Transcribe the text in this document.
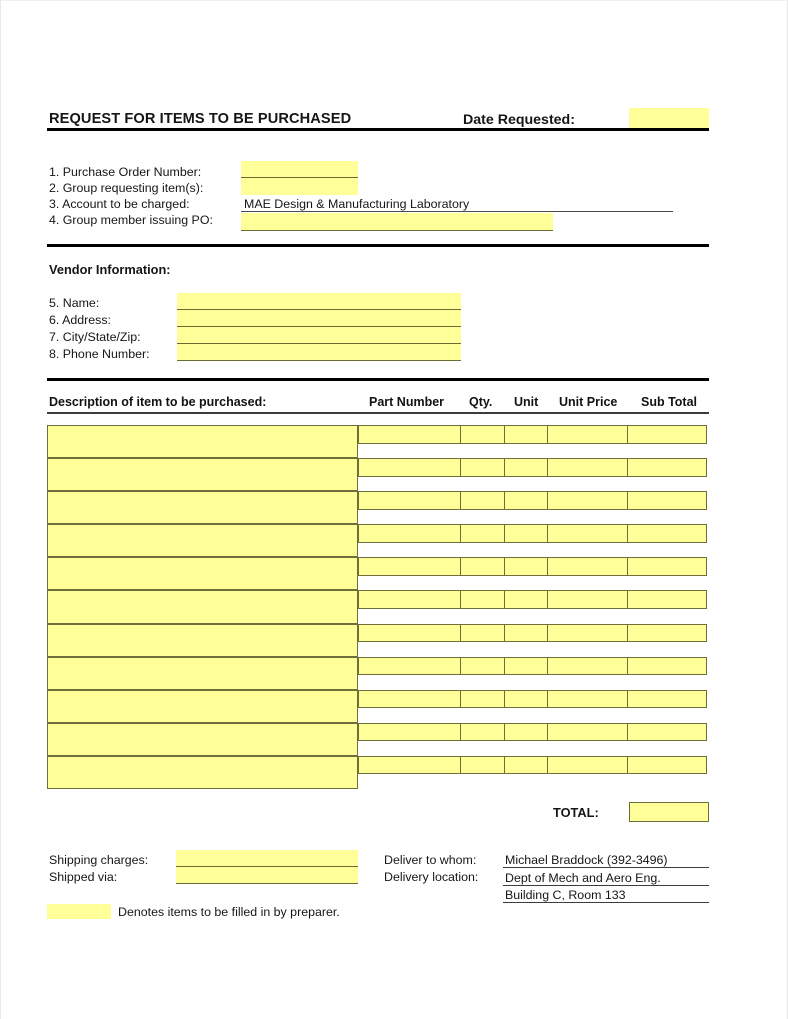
REQUEST FOR ITEMS TO BE PURCHASED	Date Requested:
1. Purchase Order Number:
2. Group requesting item(s):
3. Account to be charged:
4. Group member issuing PO:
MAE Design & Manufacturing Laboratory
Vendor Information:
5. Name:
6. Address:
7. City/State/Zip:
8. Phone Number:
Description of item to be purchased:	Part Number Qty. Unit Unit Price Sub Total
TOTAL:
Shipping charges:
Shipped via:
Deliver to whom:
Delivery location:
Michael Braddock (392-3496)
Dept of Mech and Aero Eng.
Building C, Room 133
Denotes items to be filled in by preparer.
